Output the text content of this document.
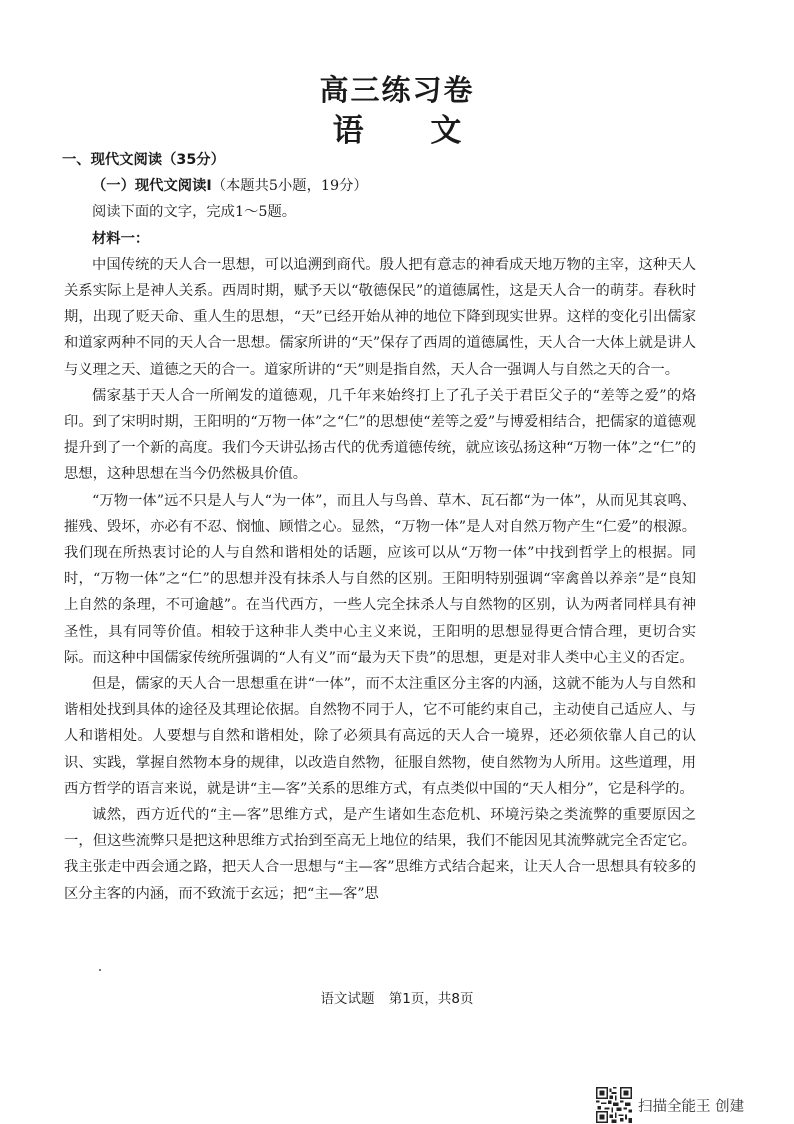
高三练习卷
语 文
一、现代文阅读（35分）
（一）现代文阅读Ⅰ（本题共5小题，19分）
阅读下面的文字，完成1～5题。
材料一：

中国传统的天人合一思想，可以追溯到商代。殷人把有意志的神看成天地万物的主宰，这种天人关系实际上是神人关系。西周时期，赋予天以“敬德保民”的道德属性，这是天人合一的萌芽。春秋时期，出现了贬天命、重人生的思想，“天”已经开始从神的地位下降到现实世界。这样的变化引出儒家和道家两种不同的天人合一思想。儒家所讲的“天”保存了西周的道德属性，天人合一大体上就是讲人与义理之天、道德之天的合一。道家所讲的“天”则是指自然，天人合一强调人与自然之天的合一。

儒家基于天人合一所阐发的道德观，几千年来始终打上了孔子关于君臣父子的“差等之爱”的烙印。到了宋明时期，王阳明的“万物一体”之“仁”的思想使“差等之爱”与博爱相结合，把儒家的道德观提升到了一个新的高度。我们今天讲弘扬古代的优秀道德传统，就应该弘扬这种“万物一体”之“仁”的思想，这种思想在当今仍然极具价值。

“万物一体”远不只是人与人“为一体”，而且人与鸟兽、草木、瓦石都“为一体”，从而见其哀鸣、摧残、毁坏，亦必有不忍、悯恤、顾惜之心。显然，“万物一体”是人对自然万物产生“仁爱”的根源。我们现在所热衷讨论的人与自然和谐相处的话题，应该可以从“万物一体”中找到哲学上的根据。同时，“万物一体”之“仁”的思想并没有抹杀人与自然的区别。王阳明特别强调“宰禽兽以养亲”是“良知上自然的条理，不可逾越”。在当代西方，一些人完全抹杀人与自然物的区别，认为两者同样具有神圣性，具有同等价值。相较于这种非人类中心主义来说，王阳明的思想显得更合情合理，更切合实际。而这种中国儒家传统所强调的“人有义”而“最为天下贵”的思想，更是对非人类中心主义的否定。

但是，儒家的天人合一思想重在讲“一体”，而不太注重区分主客的内涵，这就不能为人与自然和谐相处找到具体的途径及其理论依据。自然物不同于人，它不可能约束自己，主动使自己适应人、与人和谐相处。人要想与自然和谐相处，除了必须具有高远的天人合一境界，还必须依靠人自己的认识、实践，掌握自然物本身的规律，以改造自然物，征服自然物，使自然物为人所用。这些道理，用西方哲学的语言来说，就是讲“主—客”关系的思维方式，有点类似中国的“天人相分”，它是科学的。

诚然，西方近代的“主—客”思维方式，是产生诸如生态危机、环境污染之类流弊的重要原因之一，但这些流弊只是把这种思维方式抬到至高无上地位的结果，我们不能因见其流弊就完全否定它。我主张走中西会通之路，把天人合一思想与“主—客”思维方式结合起来，让天人合一思想具有较多的区分主客的内涵，而不致流于玄远；把“主—客”思

语文试题 第1页，共8页
扫描全能王 创建
